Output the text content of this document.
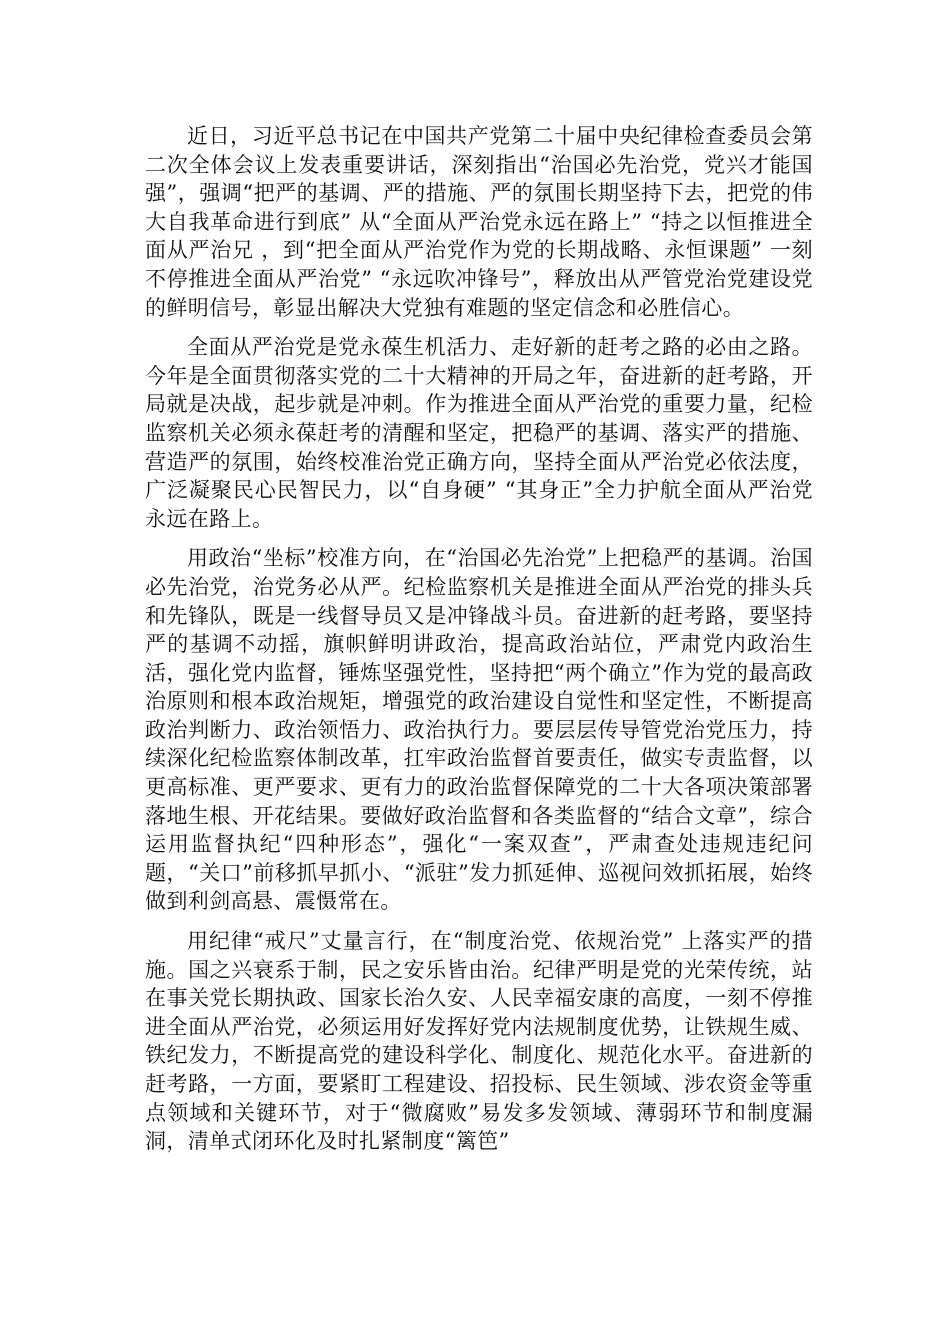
近日，习近平总书记在中国共产党第二十届中央纪律检查委员会第二次全体会议上发表重要讲话，深刻指出“治国必先治党，党兴才能国强”，强调“把严的基调、严的措施、严的氛围长期坚持下去，把党的伟大自我革命进行到底” 从“全面从严治党永远在路上” “持之以恒推进全面从严治兄 ，到“把全面从严治党作为党的长期战略、永恒课题” 一刻不停推进全面从严治党” “永远吹冲锋号”，释放出从严管党治党建设党的鲜明信号，彰显出解决大党独有难题的坚定信念和必胜信心。

全面从严治党是党永葆生机活力、走好新的赶考之路的必由之路。今年是全面贯彻落实党的二十大精神的开局之年，奋进新的赶考路，开局就是决战，起步就是冲刺。作为推进全面从严治党的重要力量，纪检监察机关必须永葆赶考的清醒和坚定，把稳严的基调、落实严的措施、营造严的氛围，始终校准治党正确方向，坚持全面从严治党必依法度，广泛凝聚民心民智民力，以“自身硬” “其身正”全力护航全面从严治党永远在路上。

用政治“坐标”校准方向，在“治国必先治党”上把稳严的基调。治国必先治党，治党务必从严。纪检监察机关是推进全面从严治党的排头兵和先锋队，既是一线督导员又是冲锋战斗员。奋进新的赶考路，要坚持严的基调不动摇，旗帜鲜明讲政治，提高政治站位，严肃党内政治生活，强化党内监督，锤炼坚强党性，坚持把“两个确立”作为党的最高政治原则和根本政治规矩，增强党的政治建设自觉性和坚定性，不断提高政治判断力、政治领悟力、政治执行力。要层层传导管党治党压力，持续深化纪检监察体制改革，扛牢政治监督首要责任，做实专责监督，以更高标准、更严要求、更有力的政治监督保障党的二十大各项决策部署落地生根、开花结果。要做好政治监督和各类监督的“结合文章”，综合运用监督执纪“四种形态”，强化“一案双查”，严肃查处违规违纪问题，“关口”前移抓早抓小、“派驻”发力抓延伸、巡视问效抓拓展，始终做到利剑高悬、震慑常在。

用纪律“戒尺”丈量言行，在“制度治党、依规治党” 上落实严的措施。国之兴衰系于制，民之安乐皆由治。纪律严明是党的光荣传统，站在事关党长期执政、国家长治久安、人民幸福安康的高度，一刻不停推进全面从严治党，必须运用好发挥好党内法规制度优势，让铁规生威、铁纪发力，不断提高党的建设科学化、制度化、规范化水平。奋进新的赶考路，一方面，要紧盯工程建设、招投标、民生领域、涉农资金等重点领域和关键环节，对于“微腐败”易发多发领域、薄弱环节和制度漏洞，清单式闭环化及时扎紧制度“篱笆”
